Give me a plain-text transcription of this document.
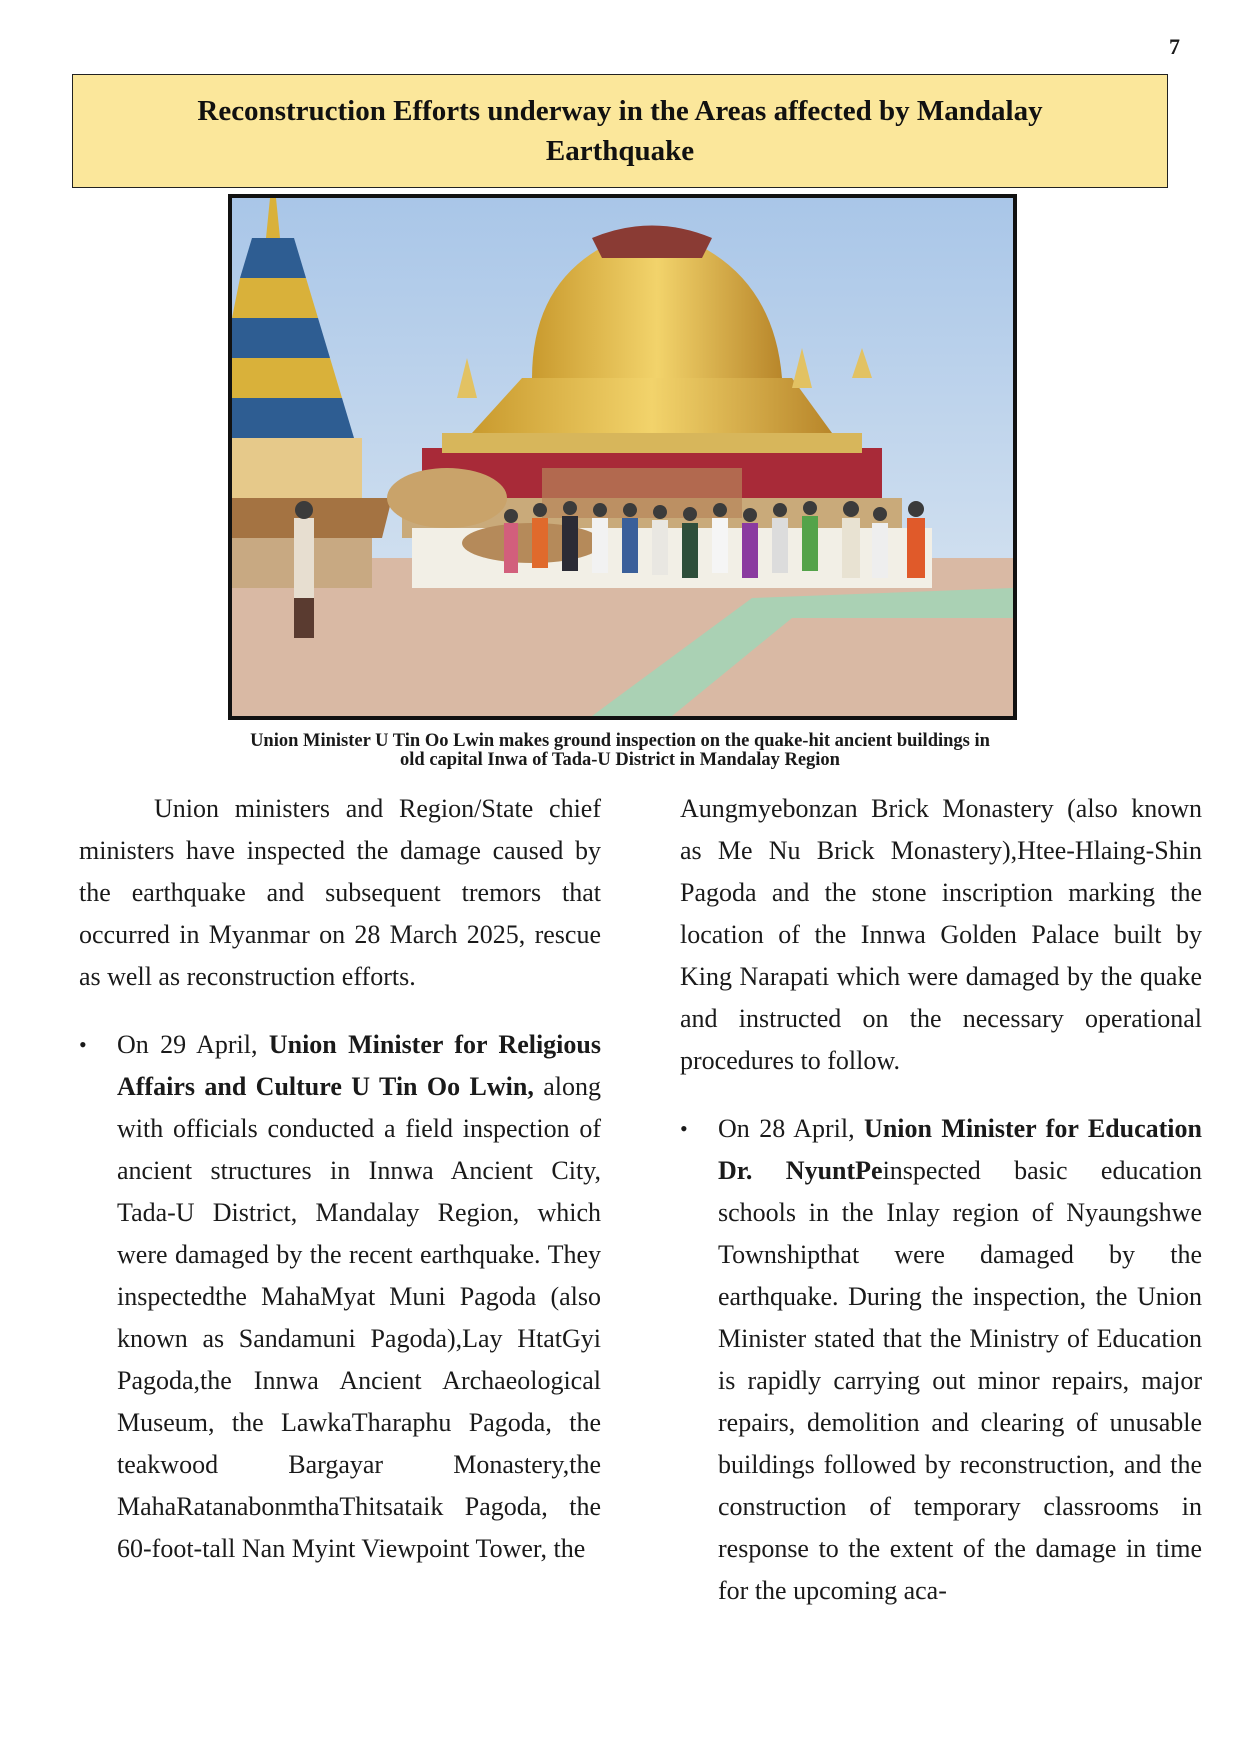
7
Reconstruction Efforts underway in the Areas affected by Mandalay Earthquake
Union Minister U Tin Oo Lwin makes ground inspection on the quake-hit ancient buildings in
old capital Inwa of Tada-U District in Mandalay Region

Union ministers and Region/State chief ministers have inspected the damage caused by the earthquake and subsequent tremors that occurred in Myanmar on 28 March 2025, rescue as well as reconstruction efforts.

• On 29 April, Union Minister for Religious Affairs and Culture U Tin Oo Lwin, along with officials conducted a field inspection of ancient structures in Innwa Ancient City, Tada-U District, Mandalay Region, which were damaged by the recent earthquake. They inspectedthe MahaMyat Muni Pagoda (also known as Sandamuni Pagoda),Lay HtatGyi Pagoda,the Innwa Ancient Archaeological Museum, the LawkaTharaphu Pagoda, the teakwood Bargayar Monastery,the MahaRatanabonmthaThitsataik Pagoda, the 60-foot-tall Nan Myint Viewpoint Tower, the

Aungmyebonzan Brick Monastery (also known as Me Nu Brick Monastery),Htee-Hlaing-Shin Pagoda and the stone inscription marking the location of the Innwa Golden Palace built by King Narapati which were damaged by the quake and instructed on the necessary operational procedures to follow.

• On 28 April, Union Minister for Education Dr. NyuntPeinspected basic education schools in the Inlay region of Nyaungshwe Townshipthat were damaged by the earthquake. During the inspection, the Union Minister stated that the Ministry of Education is rapidly carrying out minor repairs, major repairs, demolition and clearing of unusable buildings followed by reconstruction, and the construction of temporary classrooms in response to the extent of the damage in time for the upcoming aca-
